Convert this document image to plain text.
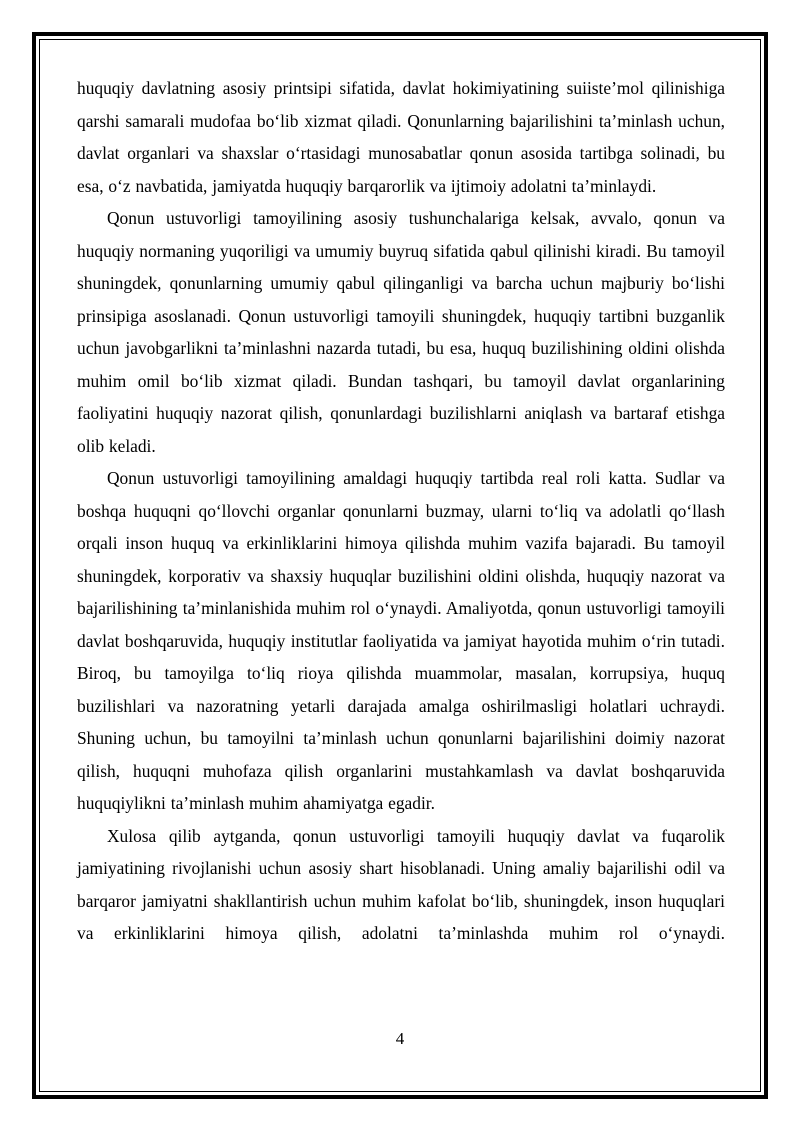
huquqiy davlatning asosiy printsipi sifatida, davlat hokimiyatining suiiste’mol qilinishiga qarshi samarali mudofaa bo‘lib xizmat qiladi. Qonunlarning bajarilishini ta’minlash uchun, davlat organlari va shaxslar o‘rtasidagi munosabatlar qonun asosida tartibga solinadi, bu esa, o‘z navbatida, jamiyatda huquqiy barqarorlik va ijtimoiy adolatni ta’minlaydi.

Qonun ustuvorligi tamoyilining asosiy tushunchalariga kelsak, avvalo, qonun va huquqiy normaning yuqoriligi va umumiy buyruq sifatida qabul qilinishi kiradi. Bu tamoyil shuningdek, qonunlarning umumiy qabul qilinganligi va barcha uchun majburiy bo‘lishi prinsipiga asoslanadi. Qonun ustuvorligi tamoyili shuningdek, huquqiy tartibni buzganlik uchun javobgarlikni ta’minlashni nazarda tutadi, bu esa, huquq buzilishining oldini olishda muhim omil bo‘lib xizmat qiladi. Bundan tashqari, bu tamoyil davlat organlarining faoliyatini huquqiy nazorat qilish, qonunlardagi buzilishlarni aniqlash va bartaraf etishga olib keladi.

Qonun ustuvorligi tamoyilining amaldagi huquqiy tartibda real roli katta. Sudlar va boshqa huquqni qo‘llovchi organlar qonunlarni buzmay, ularni to‘liq va adolatli qo‘llash orqali inson huquq va erkinliklarini himoya qilishda muhim vazifa bajaradi. Bu tamoyil shuningdek, korporativ va shaxsiy huquqlar buzilishini oldini olishda, huquqiy nazorat va bajarilishining ta’minlanishida muhim rol o‘ynaydi. Amaliyotda, qonun ustuvorligi tamoyili davlat boshqaruvida, huquqiy institutlar faoliyatida va jamiyat hayotida muhim o‘rin tutadi. Biroq, bu tamoyilga to‘liq rioya qilishda muammolar, masalan, korrupsiya, huquq buzilishlari va nazoratning yetarli darajada amalga oshirilmasligi holatlari uchraydi. Shuning uchun, bu tamoyilni ta’minlash uchun qonunlarni bajarilishini doimiy nazorat qilish, huquqni muhofaza qilish organlarini mustahkamlash va davlat boshqaruvida huquqiylikni ta’minlash muhim ahamiyatga egadir.

Xulosa qilib aytganda, qonun ustuvorligi tamoyili huquqiy davlat va fuqarolik jamiyatining rivojlanishi uchun asosiy shart hisoblanadi. Uning amaliy bajarilishi odil va barqaror jamiyatni shakllantirish uchun muhim kafolat bo‘lib, shuningdek, inson huquqlari va erkinliklarini himoya qilish, adolatni ta’minlashda muhim rol o‘ynaydi.

4
